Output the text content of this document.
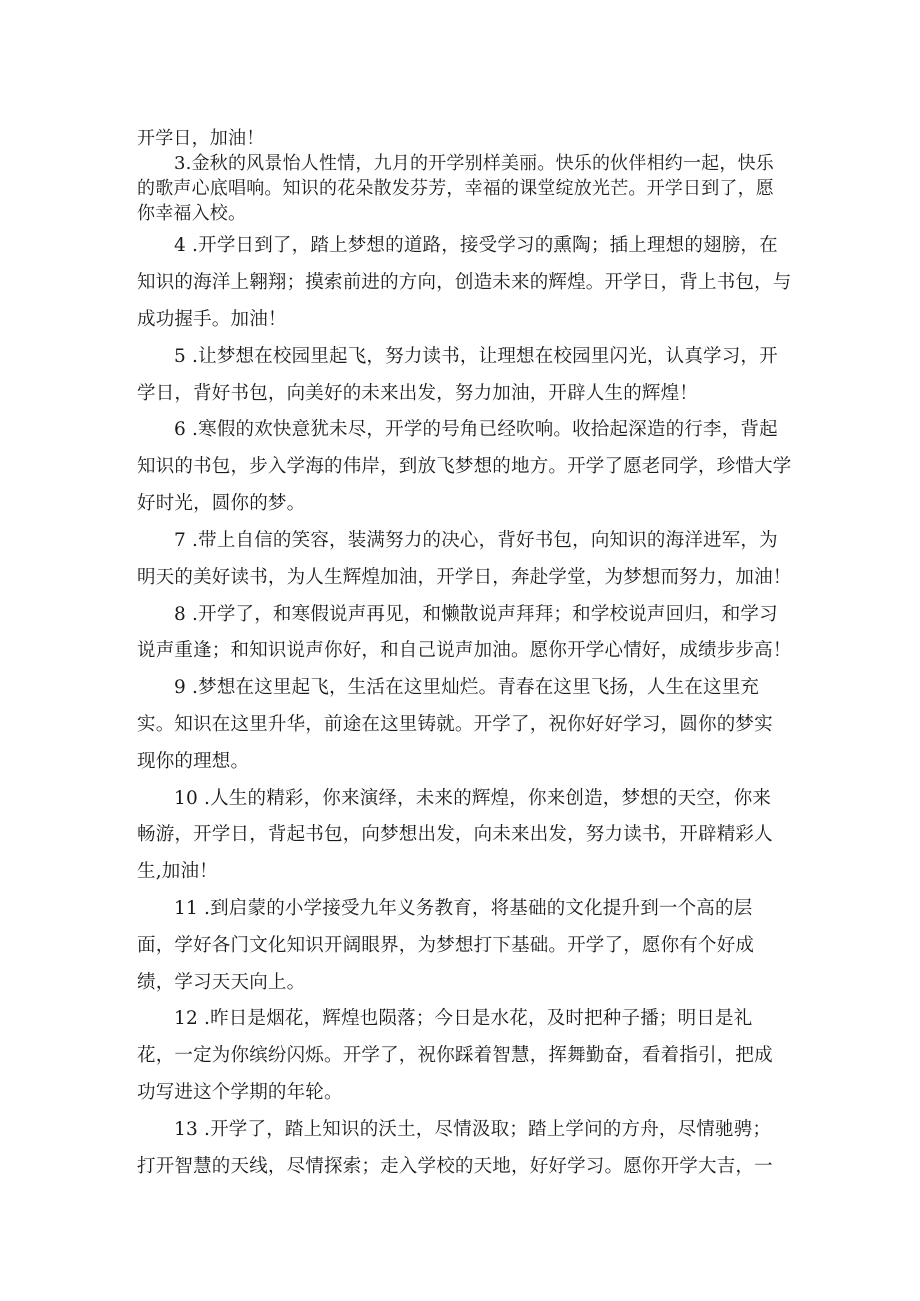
开学日，加油！
3.金秋的风景怡人性情，九月的开学别样美丽。快乐的伙伴相约一起，快乐
的歌声心底唱响。知识的花朵散发芬芳，幸福的课堂绽放光芒。开学日到了，愿
你幸福入校。
4 .开学日到了，踏上梦想的道路，接受学习的熏陶；插上理想的翅膀，在
知识的海洋上翱翔；摸索前进的方向，创造未来的辉煌。开学日，背上书包，与
成功握手。加油！
5 .让梦想在校园里起飞，努力读书，让理想在校园里闪光，认真学习，开
学日，背好书包，向美好的未来出发，努力加油，开辟人生的辉煌！
6 .寒假的欢快意犹未尽，开学的号角已经吹响。收拾起深造的行李，背起
知识的书包，步入学海的伟岸，到放飞梦想的地方。开学了愿老同学，珍惜大学
好时光，圆你的梦。
7 .带上自信的笑容，装满努力的决心，背好书包，向知识的海洋进军，为
明天的美好读书，为人生辉煌加油，开学日，奔赴学堂，为梦想而努力，加油！
8 .开学了，和寒假说声再见，和懒散说声拜拜；和学校说声回归，和学习
说声重逢；和知识说声你好，和自己说声加油。愿你开学心情好，成绩步步高！
9 .梦想在这里起飞，生活在这里灿烂。青春在这里飞扬，人生在这里充
实。知识在这里升华，前途在这里铸就。开学了，祝你好好学习，圆你的梦实
现你的理想。
10 .人生的精彩，你来演绎，未来的辉煌，你来创造，梦想的天空，你来
畅游，开学日，背起书包，向梦想出发，向未来出发，努力读书，开辟精彩人
生,加油！
11 .到启蒙的小学接受九年义务教育，将基础的文化提升到一个高的层
面，学好各门文化知识开阔眼界，为梦想打下基础。开学了，愿你有个好成
绩，学习天天向上。
12 .昨日是烟花，辉煌也陨落；今日是水花，及时把种子播；明日是礼
花，一定为你缤纷闪烁。开学了，祝你踩着智慧，挥舞勤奋，看着指引，把成
功写进这个学期的年轮。
13 .开学了，踏上知识的沃土，尽情汲取；踏上学问的方舟，尽情驰骋；
打开智慧的天线，尽情探索；走入学校的天地，好好学习。愿你开学大吉，一
